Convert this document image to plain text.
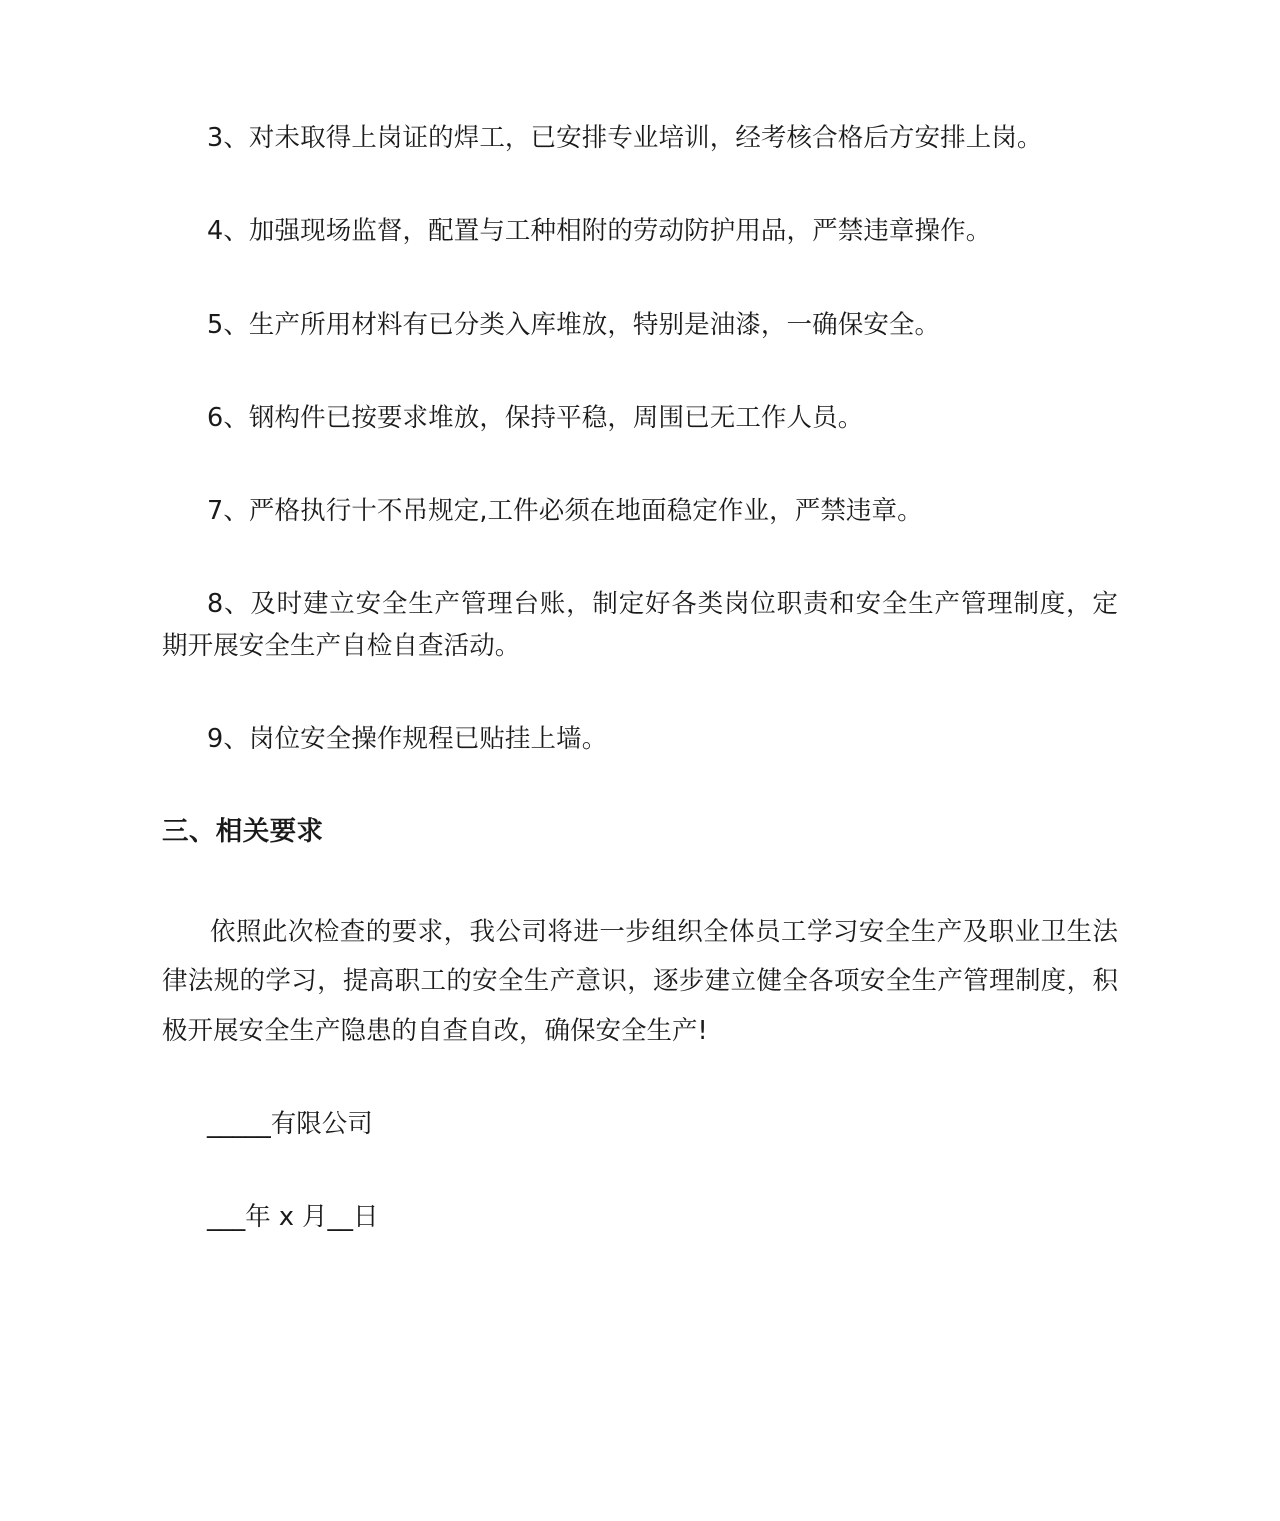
3、对未取得上岗证的焊工，已安排专业培训，经考核合格后方安排上岗。

4、加强现场监督，配置与工种相附的劳动防护用品，严禁违章操作。

5、生产所用材料有已分类入库堆放，特别是油漆，一确保安全。

6、钢构件已按要求堆放，保持平稳，周围已无工作人员。

7、严格执行十不吊规定,工件必须在地面稳定作业，严禁违章。

8、及时建立安全生产管理台账，制定好各类岗位职责和安全生产管理制度，定期开展安全生产自检自查活动。

9、岗位安全操作规程已贴挂上墙。

三、相关要求

依照此次检查的要求，我公司将进一步组织全体员工学习安全生产及职业卫生法律法规的学习，提高职工的安全生产意识，逐步建立健全各项安全生产管理制度，积极开展安全生产隐患的自查自改，确保安全生产!

_____有限公司

___年 x 月__日
